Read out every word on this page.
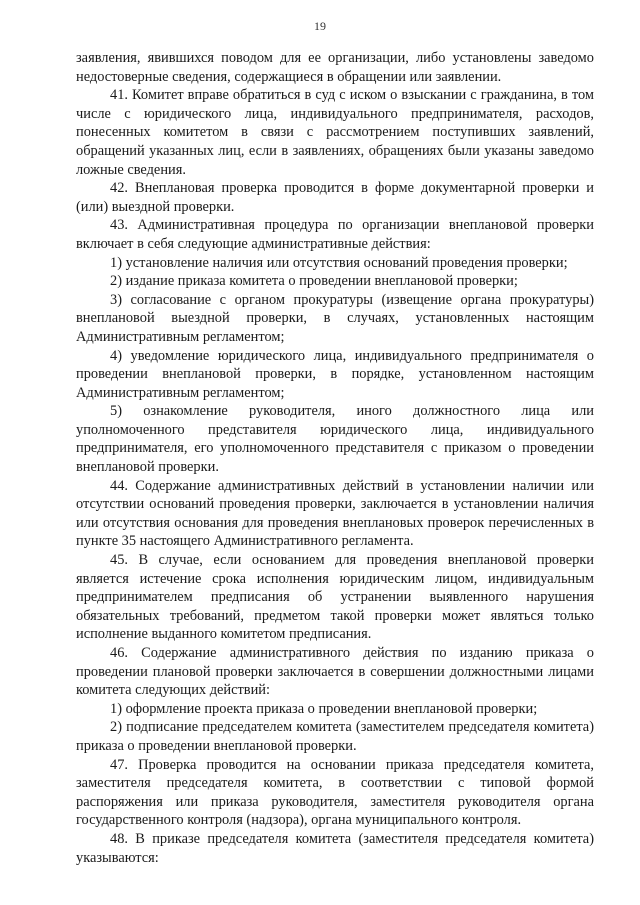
19

заявления, явившихся поводом для ее организации, либо установлены заведомо недостоверные сведения, содержащиеся в обращении или заявлении.

41. Комитет вправе обратиться в суд с иском о взыскании с гражданина, в том числе с юридического лица, индивидуального предпринимателя, расходов, понесенных комитетом в связи с рассмотрением поступивших заявлений, обращений указанных лиц, если в заявлениях, обращениях были указаны заведомо ложные сведения.

42. Внеплановая проверка проводится в форме документарной проверки и (или) выездной проверки.

43. Административная процедура по организации внеплановой проверки включает в себя следующие административные действия:

1) установление наличия или отсутствия оснований проведения проверки;

2) издание приказа комитета о проведении внеплановой проверки;

3) согласование с органом прокуратуры (извещение органа прокуратуры) внеплановой выездной проверки, в случаях, установленных настоящим Административным регламентом;

4) уведомление юридического лица, индивидуального предпринимателя о проведении внеплановой проверки, в порядке, установленном настоящим Административным регламентом;

5) ознакомление руководителя, иного должностного лица или уполномоченного представителя юридического лица, индивидуального предпринимателя, его уполномоченного представителя с приказом о проведении внеплановой проверки.

44. Содержание административных действий в установлении наличии или отсутствии оснований проведения проверки, заключается в установлении наличия или отсутствия основания для проведения внеплановых проверок перечисленных в пункте 35 настоящего Административного регламента.

45. В случае, если основанием для проведения внеплановой проверки является истечение срока исполнения юридическим лицом, индивидуальным предпринимателем предписания об устранении выявленного нарушения обязательных требований, предметом такой проверки может являться только исполнение выданного комитетом предписания.

46. Содержание административного действия по изданию приказа о проведении плановой проверки заключается в совершении должностными лицами комитета следующих действий:

1) оформление проекта приказа о проведении внеплановой проверки;

2) подписание председателем комитета (заместителем председателя комитета) приказа о проведении внеплановой проверки.

47. Проверка проводится на основании приказа председателя комитета, заместителя председателя комитета, в соответствии с типовой формой распоряжения или приказа руководителя, заместителя руководителя органа государственного контроля (надзора), органа муниципального контроля.

48. В приказе председателя комитета (заместителя председателя комитета) указываются:
